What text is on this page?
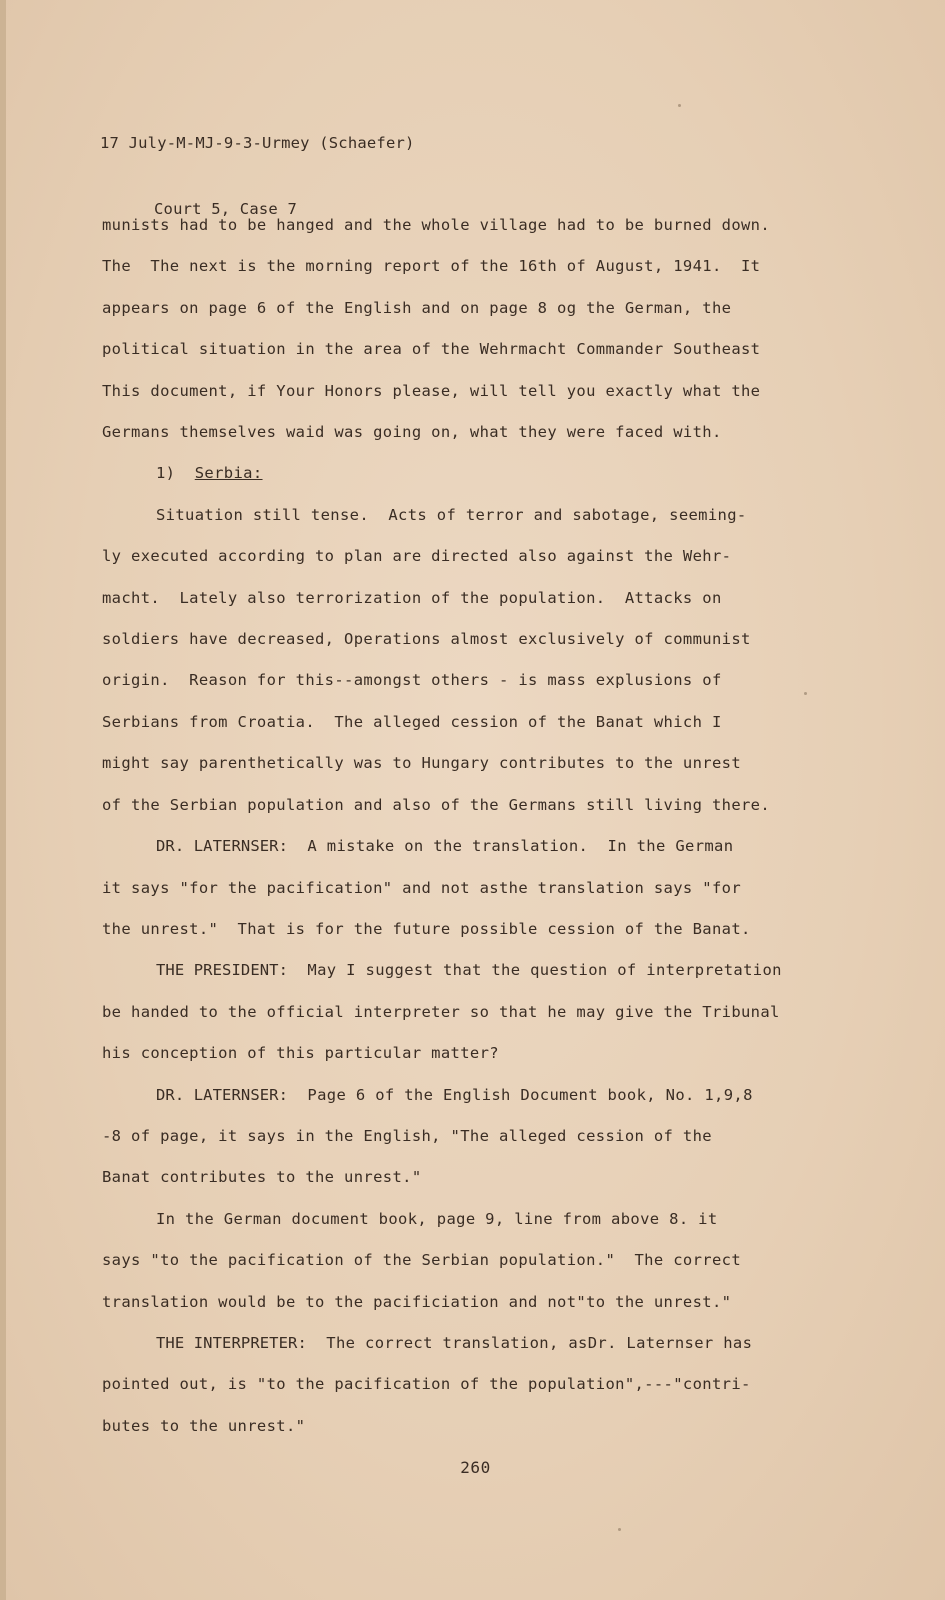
17 July-M-MJ-9-3-Urmey (Schaefer)

Court 5, Case 7

munists had to be hanged and the whole village had to be burned down.
The  The next is the morning report of the 16th of August, 1941.  It
appears on page 6 of the English and on page 8 og the German, the
political situation in the area of the Wehrmacht Commander Southeast
This document, if Your Honors please, will tell you exactly what the
Germans themselves waid was going on, what they were faced with.
1) Serbia:
Situation still tense.  Acts of terror and sabotage, seeming-
ly executed according to plan are directed also against the Wehr-
macht.  Lately also terrorization of the population.  Attacks on
soldiers have decreased, Operations almost exclusively of communist
origin.  Reason for this--amongst others - is mass explusions of
Serbians from Croatia.  The alleged cession of the Banat which I
might say parenthetically was to Hungary contributes to the unrest
of the Serbian population and also of the Germans still living there.
DR. LATERNSER: A mistake on the translation.  In the German
it says "for the pacification" and not asthe translation says "for
the unrest."  That is for the future possible cession of the Banat.
THE PRESIDENT: May I suggest that the question of interpretation
be handed to the official interpreter so that he may give the Tribunal
his conception of this particular matter?
DR. LATERNSER: Page 6 of the English Document book, No. 1,9,8
-8 of page, it says in the English, "The alleged cession of the
Banat contributes to the unrest."
In the German document book, page 9, line from above 8. it
says "to the pacification of the Serbian population."  The correct
translation would be to the pacificiation and not"to the unrest."
THE INTERPRETER: The correct translation, asDr. Laternser has
pointed out, is "to the pacification of the population",---"contri-
butes to the unrest."
260
